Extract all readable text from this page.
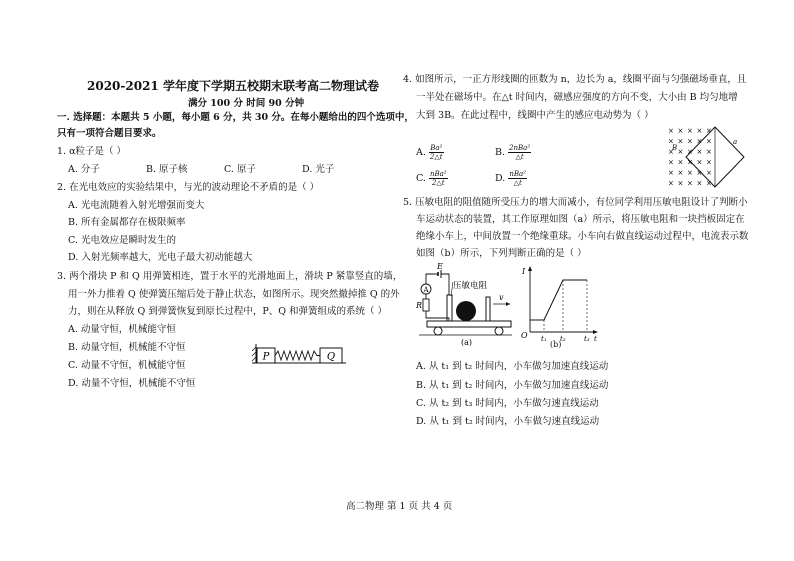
2020-2021 学年度下学期五校期末联考高二物理试卷
满分 100 分 时间 90 分钟
一. 选择题：本题共 5 小题，每小题 6 分，共 30 分。在每小题给出的四个选项中，
只有一项符合题目要求。
1. α粒子是（ ）
A. 分子	B. 原子核	C. 原子	D. 光子
2. 在光电效应的实验结果中，与光的波动理论不矛盾的是（ ）
A. 光电流随着入射光增强而变大
B. 所有金属都存在极限频率
C. 光电效应是瞬时发生的
D. 入射光频率越大，光电子最大初动能越大
3. 两个滑块 P 和 Q 用弹簧相连，置于水平的光滑地面上，滑块 P 紧靠竖直的墙，
用一外力推着 Q 使弹簧压缩后处于静止状态，如图所示。现突然撤掉推 Q 的外
力，则在从释放 Q 到弹簧恢复到原长过程中，P、Q 和弹簧组成的系统（ ）
A. 动量守恒，机械能守恒
B. 动量守恒，机械能不守恒
C. 动量不守恒，机械能守恒
D. 动量不守恒，机械能不守恒
P	Q
4. 如图所示，一正方形线圈的匝数为 n，边长为 a，线圈平面与匀强磁场垂直，且
一半处在磁场中。在△t 时间内，磁感应强度的方向不变，大小由 B 均匀地增
大到 3B。在此过程中，线圈中产生的感应电动势为（ ）
A. $\frac{\text{Ba²}}{2\triangle t}$	B. $\frac{\text{2nBa²}}{\triangle t}$
C. $\frac{\text{nBa²}}{2\triangle t}$	D. $\frac{\text{nBa²}}{\triangle t}$
× × × × ×
× × × × ×
× × × × ×
× × × × ×
× × × × ×
× × × × ×
B
a
5. 压敏电阻的阻值随所受压力的增大而减小，有位同学利用压敏电阻设计了判断小
车运动状态的装置，其工作原理如图（a）所示，将压敏电阻和一块挡板固定在
绝缘小车上，中间放置一个绝缘重球。小车向右做直线运动过程中，电流表示数
如图（b）所示，下列判断正确的是（ ）
A
E
R
压敏电阻
v
(a)
I
O t₁ t₂	t₃ t
(b)
A. 从 t₁ 到 t₂ 时间内，小车做匀加速直线运动
B. 从 t₁ 到 t₂ 时间内，小车做匀加速直线运动
C. 从 t₂ 到 t₃ 时间内，小车做匀速直线运动
D. 从 t₁ 到 t₂ 时间内，小车做匀速直线运动
高二物理 第 1 页 共 4 页
